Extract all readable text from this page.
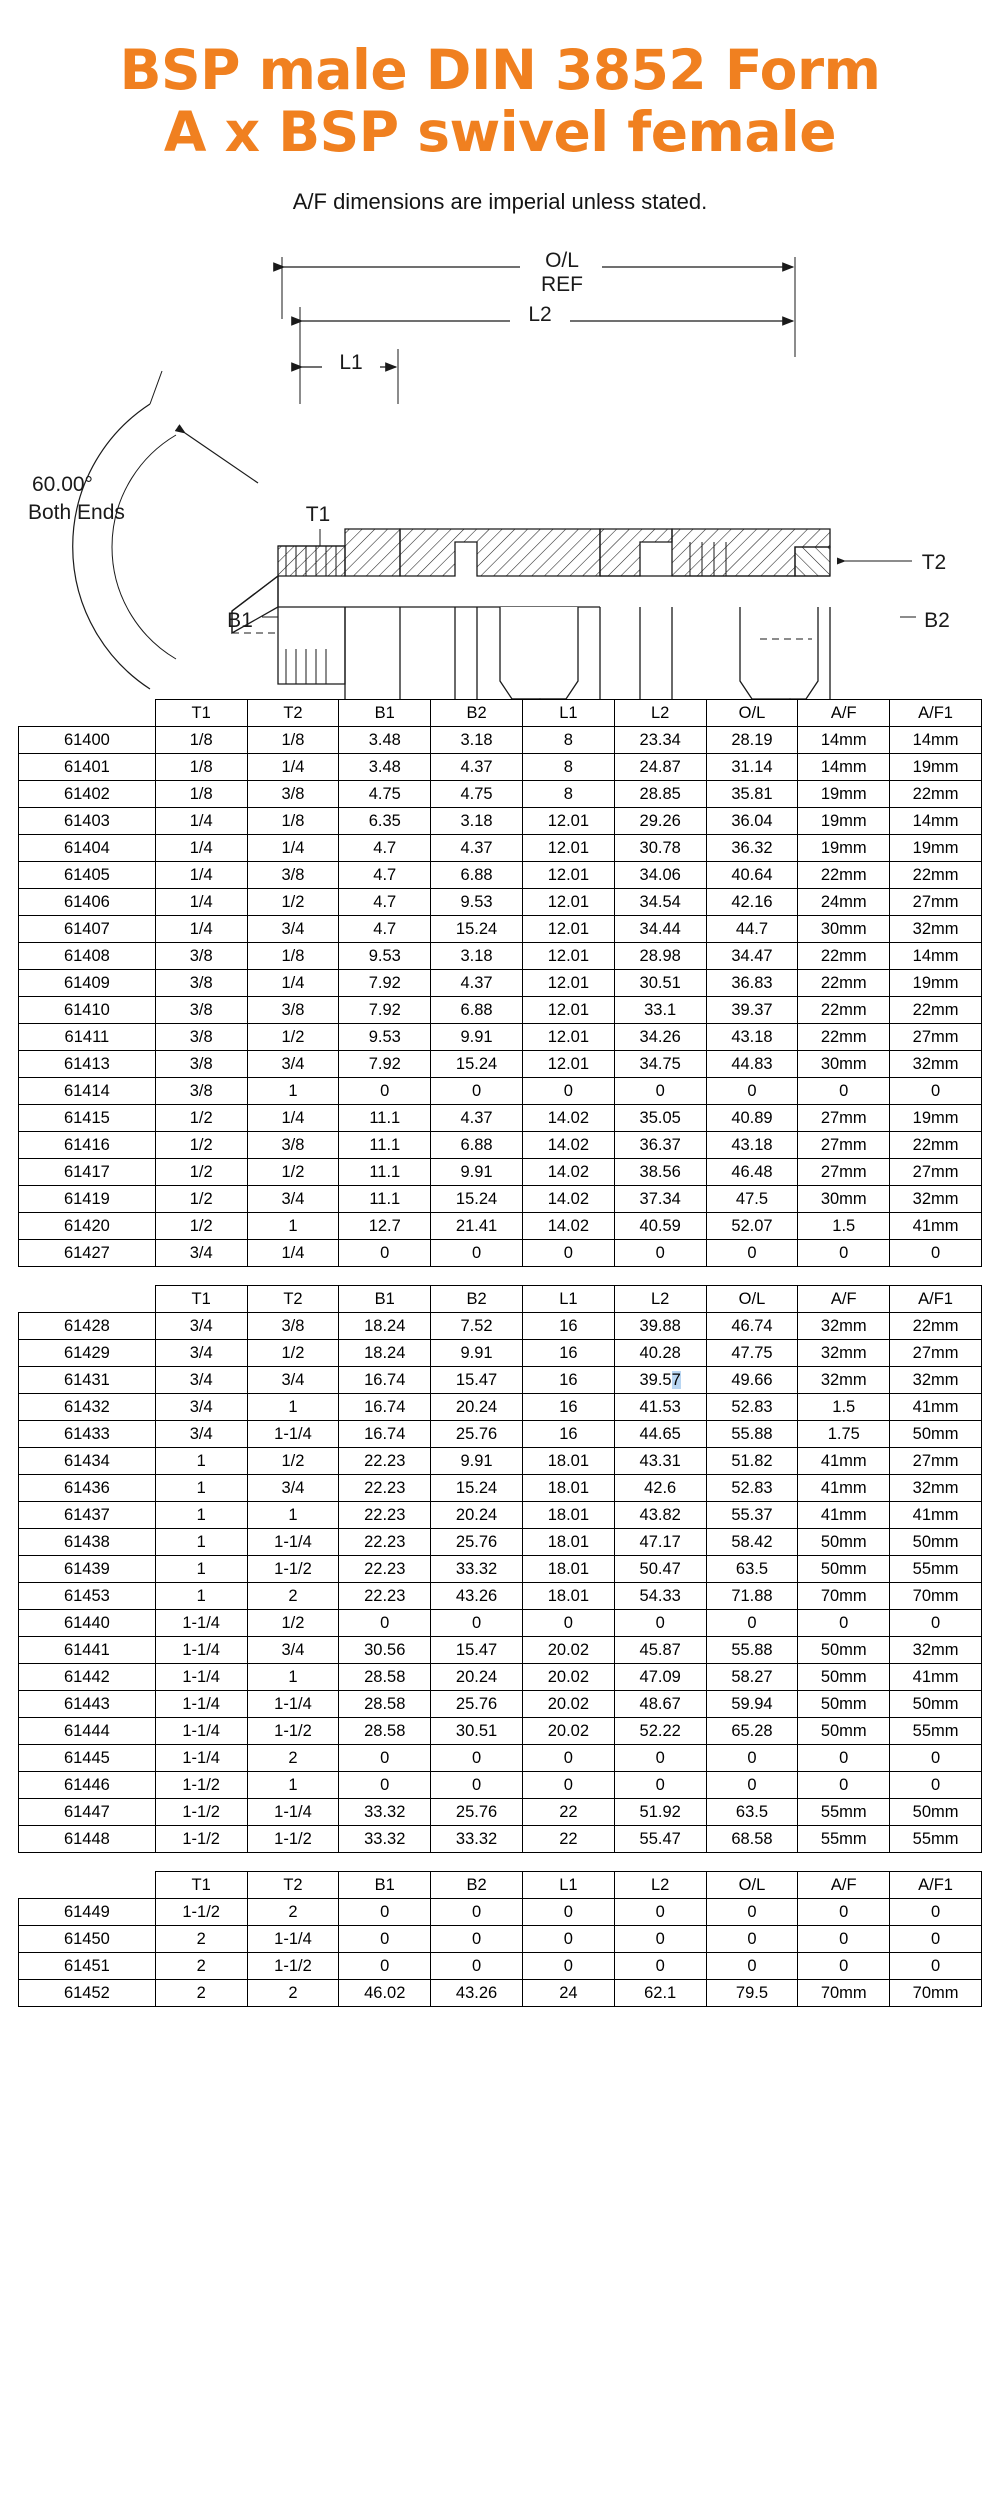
BSP male DIN 3852 Form
A x BSP swivel female

A/F dimensions are imperial unless stated.

O/L
REF
L2
L1
T1
T2
B1	B2
60.00°
Both Ends
	T1	T2	B1	B2	L1	L2	O/L	A/F	A/F1
61400	1/8	1/8	3.48	3.18	8	23.34	28.19	14mm	14mm
61401	1/8	1/4	3.48	4.37	8	24.87	31.14	14mm	19mm
61402	1/8	3/8	4.75	4.75	8	28.85	35.81	19mm	22mm
61403	1/4	1/8	6.35	3.18	12.01	29.26	36.04	19mm	14mm
61404	1/4	1/4	4.7	4.37	12.01	30.78	36.32	19mm	19mm
61405	1/4	3/8	4.7	6.88	12.01	34.06	40.64	22mm	22mm
61406	1/4	1/2	4.7	9.53	12.01	34.54	42.16	24mm	27mm
61407	1/4	3/4	4.7	15.24	12.01	34.44	44.7	30mm	32mm
61408	3/8	1/8	9.53	3.18	12.01	28.98	34.47	22mm	14mm
61409	3/8	1/4	7.92	4.37	12.01	30.51	36.83	22mm	19mm
61410	3/8	3/8	7.92	6.88	12.01	33.1	39.37	22mm	22mm
61411	3/8	1/2	9.53	9.91	12.01	34.26	43.18	22mm	27mm
61413	3/8	3/4	7.92	15.24	12.01	34.75	44.83	30mm	32mm
61414	3/8	1	0	0	0	0	0	0	0
61415	1/2	1/4	11.1	4.37	14.02	35.05	40.89	27mm	19mm
61416	1/2	3/8	11.1	6.88	14.02	36.37	43.18	27mm	22mm
61417	1/2	1/2	11.1	9.91	14.02	38.56	46.48	27mm	27mm
61419	1/2	3/4	11.1	15.24	14.02	37.34	47.5	30mm	32mm
61420	1/2	1	12.7	21.41	14.02	40.59	52.07	1.5	41mm
61427	3/4	1/4	0	0	0	0	0	0	0
	T1	T2	B1	B2	L1	L2	O/L	A/F	A/F1
61428	3/4	3/8	18.24	7.52	16	39.88	46.74	32mm	22mm
61429	3/4	1/2	18.24	9.91	16	40.28	47.75	32mm	27mm
61431	3/4	3/4	16.74	15.47	16	39.57	49.66	32mm	32mm
61432	3/4	1	16.74	20.24	16	41.53	52.83	1.5	41mm
61433	3/4	1-1/4	16.74	25.76	16	44.65	55.88	1.75	50mm
61434	1	1/2	22.23	9.91	18.01	43.31	51.82	41mm	27mm
61436	1	3/4	22.23	15.24	18.01	42.6	52.83	41mm	32mm
61437	1	1	22.23	20.24	18.01	43.82	55.37	41mm	41mm
61438	1	1-1/4	22.23	25.76	18.01	47.17	58.42	50mm	50mm
61439	1	1-1/2	22.23	33.32	18.01	50.47	63.5	50mm	55mm
61453	1	2	22.23	43.26	18.01	54.33	71.88	70mm	70mm
61440	1-1/4	1/2	0	0	0	0	0	0	0
61441	1-1/4	3/4	30.56	15.47	20.02	45.87	55.88	50mm	32mm
61442	1-1/4	1	28.58	20.24	20.02	47.09	58.27	50mm	41mm
61443	1-1/4	1-1/4	28.58	25.76	20.02	48.67	59.94	50mm	50mm
61444	1-1/4	1-1/2	28.58	30.51	20.02	52.22	65.28	50mm	55mm
61445	1-1/4	2	0	0	0	0	0	0	0
61446	1-1/2	1	0	0	0	0	0	0	0
61447	1-1/2	1-1/4	33.32	25.76	22	51.92	63.5	55mm	50mm
61448	1-1/2	1-1/2	33.32	33.32	22	55.47	68.58	55mm	55mm
	T1	T2	B1	B2	L1	L2	O/L	A/F	A/F1
61449	1-1/2	2	0	0	0	0	0	0	0
61450	2	1-1/4	0	0	0	0	0	0	0
61451	2	1-1/2	0	0	0	0	0	0	0
61452	2	2	46.02	43.26	24	62.1	79.5	70mm	70mm
